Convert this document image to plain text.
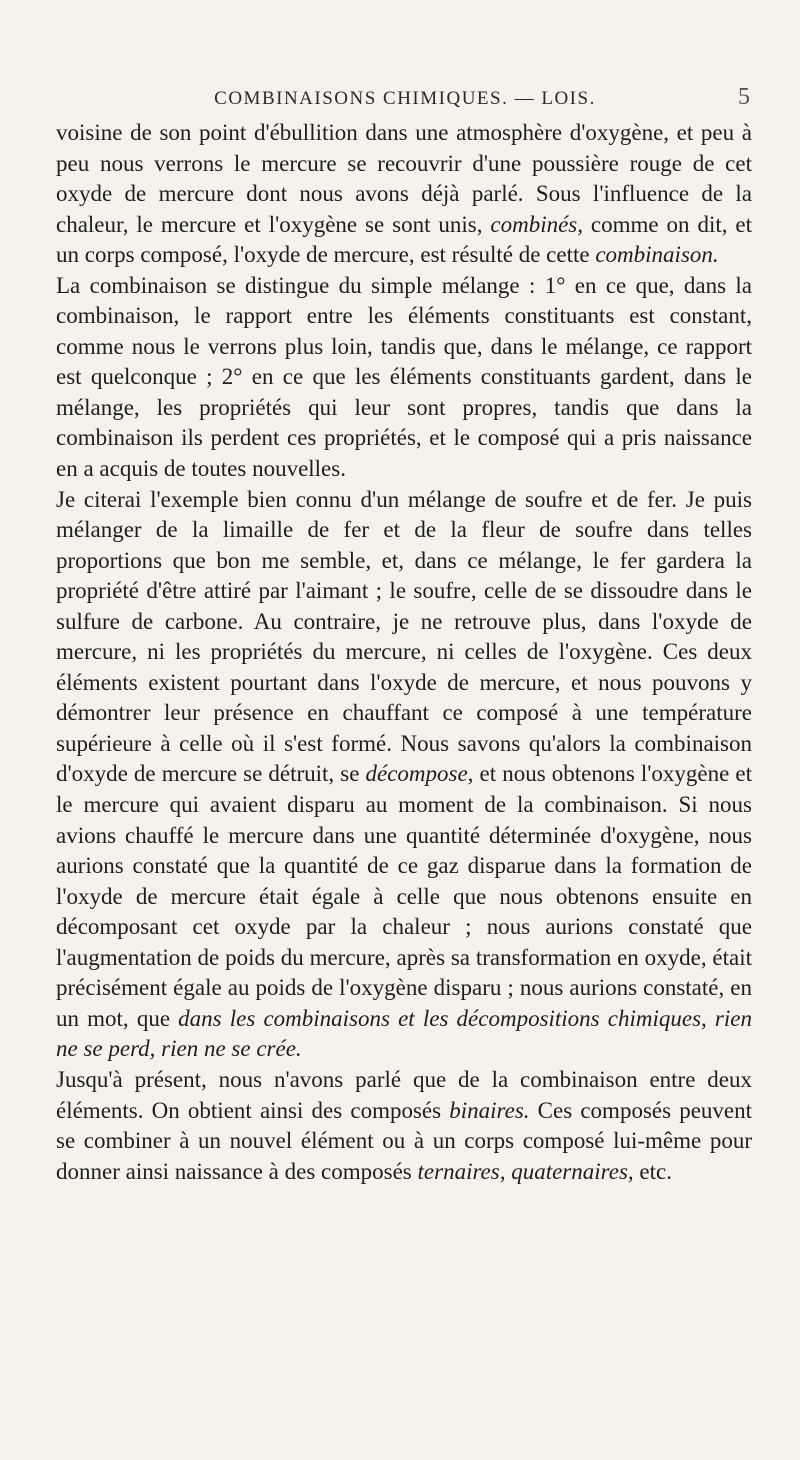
COMBINAISONS CHIMIQUES. — LOIS.	5

voisine de son point d'ébullition dans une atmosphère d'oxygène, et peu à peu nous verrons le mercure se recouvrir d'une poussière rouge de cet oxyde de mercure dont nous avons déjà parlé. Sous l'influence de la chaleur, le mercure et l'oxygène se sont unis, combinés, comme on dit, et un corps composé, l'oxyde de mercure, est résulté de cette combinaison.

La combinaison se distingue du simple mélange : 1° en ce que, dans la combinaison, le rapport entre les éléments constituants est constant, comme nous le verrons plus loin, tandis que, dans le mélange, ce rapport est quelconque ; 2° en ce que les éléments constituants gardent, dans le mélange, les propriétés qui leur sont propres, tandis que dans la combinaison ils perdent ces propriétés, et le composé qui a pris naissance en a acquis de toutes nouvelles.

Je citerai l'exemple bien connu d'un mélange de soufre et de fer. Je puis mélanger de la limaille de fer et de la fleur de soufre dans telles proportions que bon me semble, et, dans ce mélange, le fer gardera la propriété d'être attiré par l'aimant ; le soufre, celle de se dissoudre dans le sulfure de carbone. Au contraire, je ne retrouve plus, dans l'oxyde de mercure, ni les propriétés du mercure, ni celles de l'oxygène. Ces deux éléments existent pourtant dans l'oxyde de mercure, et nous pouvons y démontrer leur présence en chauffant ce composé à une température supérieure à celle où il s'est formé. Nous savons qu'alors la combinaison d'oxyde de mercure se détruit, se décompose, et nous obtenons l'oxygène et le mercure qui avaient disparu au moment de la combinaison. Si nous avions chauffé le mercure dans une quantité déterminée d'oxygène, nous aurions constaté que la quantité de ce gaz disparue dans la formation de l'oxyde de mercure était égale à celle que nous obtenons ensuite en décomposant cet oxyde par la chaleur ; nous aurions constaté que l'augmentation de poids du mercure, après sa transformation en oxyde, était précisément égale au poids de l'oxygène disparu ; nous aurions constaté, en un mot, que dans les combinaisons et les décompositions chimiques, rien ne se perd, rien ne se crée.

Jusqu'à présent, nous n'avons parlé que de la combinaison entre deux éléments. On obtient ainsi des composés binaires. Ces composés peuvent se combiner à un nouvel élément ou à un corps composé lui-même pour donner ainsi naissance à des composés ternaires, quaternaires, etc.
